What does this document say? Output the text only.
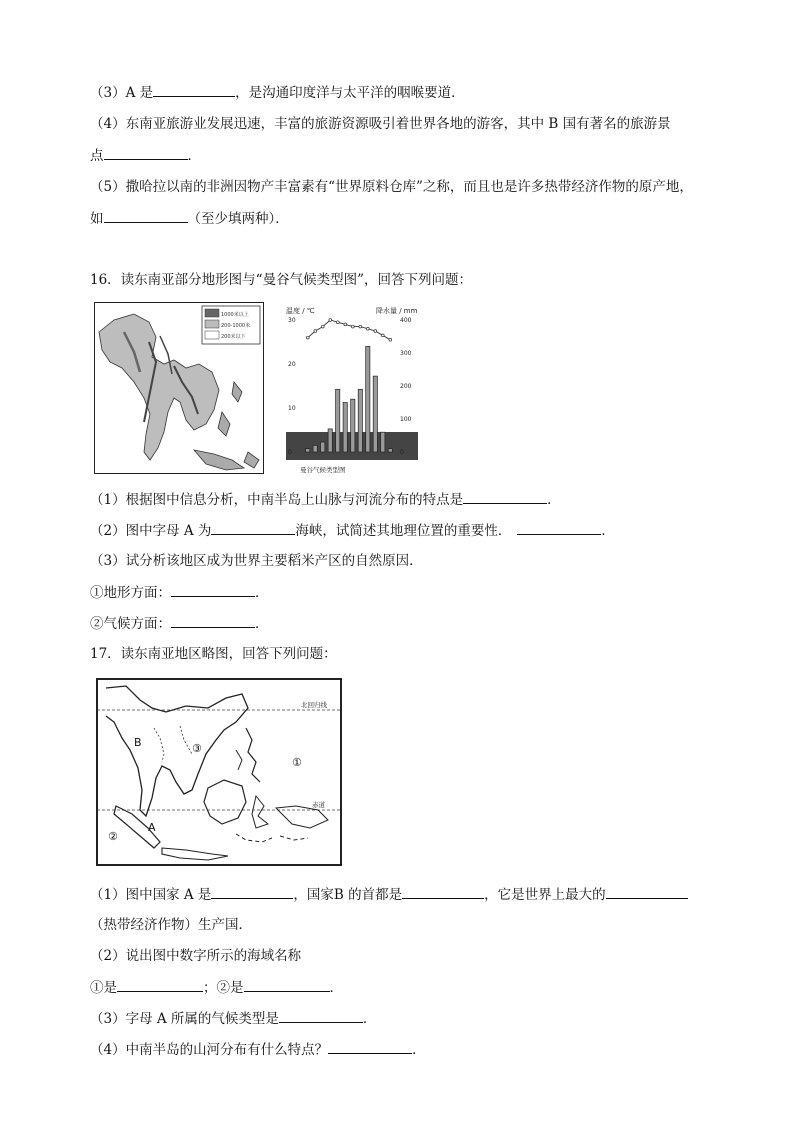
（3）A 是	，是沟通印度洋与太平洋的咽喉要道．
（4）东南亚旅游业发展迅速，丰富的旅游资源吸引着世界各地的游客，其中 B 国有著名的旅游景
点	．
（5）撒哈拉以南的非洲因物产丰富素有“世界原料仓库”之称，而且也是许多热带经济作物的原产地，
如	（至少填两种）．
16．读东南亚部分地形图与“曼谷气候类型图”，回答下列问题：
1000米以上
200-1000米
200米以下
温度 / ℃	降水量 / mm
0
10
20
30
0
100
200
300
400
曼谷气候类型图
（1）根据图中信息分析，中南半岛上山脉与河流分布的特点是	．
（2）图中字母 A 为	海峡，试简述其地理位置的重要性．	．
（3）试分析该地区成为世界主要稻米产区的自然原因．
①地形方面：	．
②气候方面：	．
17．读东南亚地区略图，回答下列问题：
北回归线
赤道
B
A
③
①
②
（1）图中国家 A 是	，国家B 的首都是	，它是世界上最大的
（热带经济作物）生产国．
（2）说出图中数字所示的海域名称
①是	；②是	．
（3）字母 A 所属的气候类型是	．
（4）中南半岛的山河分布有什么特点？	．
